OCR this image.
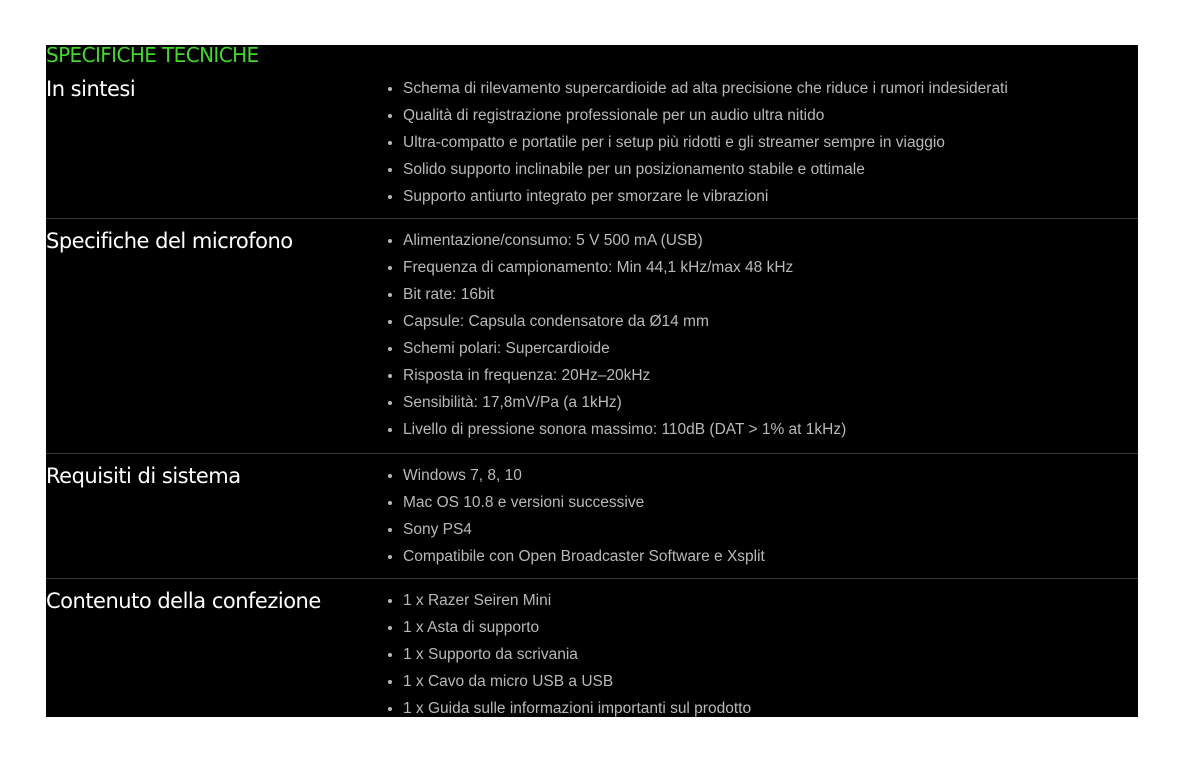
SPECIFICHE TECNICHE
In sintesi	Schema di rilevamento supercardioide ad alta precisione che riduce i rumori indesiderati
Qualità di registrazione professionale per un audio ultra nitido
Ultra-compatto e portatile per i setup più ridotti e gli streamer sempre in viaggio
Solido supporto inclinabile per un posizionamento stabile e ottimale
Supporto antiurto integrato per smorzare le vibrazioni
Specifiche del microfono	Alimentazione/consumo: 5 V 500 mA (USB)
Frequenza di campionamento: Min 44,1 kHz/max 48 kHz
Bit rate: 16bit
Capsule: Capsula condensatore da Ø14 mm
Schemi polari: Supercardioide
Risposta in frequenza: 20Hz–20kHz
Sensibilità: 17,8mV/Pa (a 1kHz)
Livello di pressione sonora massimo: 110dB (DAT > 1% at 1kHz)
Requisiti di sistema	Windows 7, 8, 10
Mac OS 10.8 e versioni successive
Sony PS4
Compatibile con Open Broadcaster Software e Xsplit
Contenuto della confezione	1 x Razer Seiren Mini
1 x Asta di supporto
1 x Supporto da scrivania
1 x Cavo da micro USB a USB
1 x Guida sulle informazioni importanti sul prodotto
